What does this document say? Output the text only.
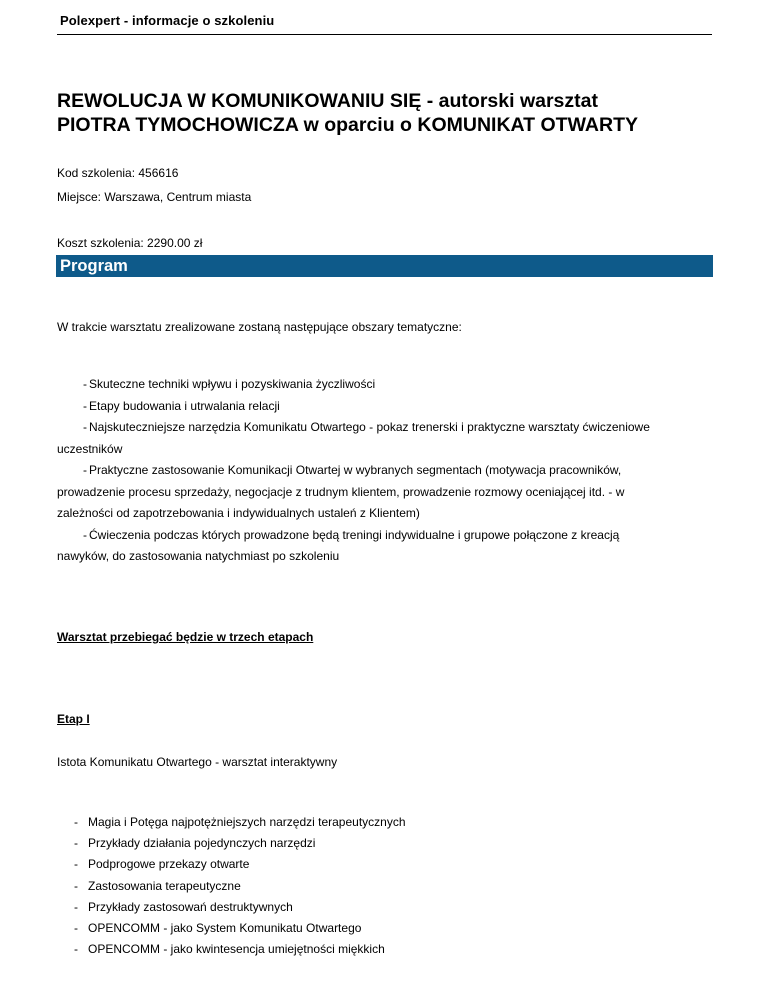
Polexpert - informacje o szkoleniu
REWOLUCJA W KOMUNIKOWANIU SIĘ - autorski warsztat
PIOTRA TYMOCHOWICZA w oparciu o KOMUNIKAT OTWARTY
Kod szkolenia: 456616
Miejsce: Warszawa, Centrum miasta
Koszt szkolenia: 2290.00 zł
Program

W trakcie warsztatu zrealizowane zostaną następujące obszary tematyczne:

- Skuteczne techniki wpływu i pozyskiwania życzliwości
- Etapy budowania i utrwalania relacji
- Najskuteczniejsze narzędzia Komunikatu Otwartego - pokaz trenerski i praktyczne warsztaty ćwiczeniowe
uczestników
- Praktyczne zastosowanie Komunikacji Otwartej w wybranych segmentach (motywacja pracowników,
prowadzenie procesu sprzedaży, negocjacje z trudnym klientem, prowadzenie rozmowy oceniającej itd. - w
zależności od zapotrzebowania i indywidualnych ustaleń z Klientem)
- Ćwieczenia podczas których prowadzone będą treningi indywidualne i grupowe połączone z kreacją
nawyków, do zastosowania natychmiast po szkoleniu
Warsztat przebiegać będzie w trzech etapach
Etap I

Istota Komunikatu Otwartego - warsztat interaktywny

- Magia i Potęga najpotężniejszych narzędzi terapeutycznych
- Przykłady działania pojedynczych narzędzi
- Podprogowe przekazy otwarte
- Zastosowania terapeutyczne
- Przykłady zastosowań destruktywnych
- OPENCOMM - jako System Komunikatu Otwartego
- OPENCOMM - jako kwintesencja umiejętności miękkich
